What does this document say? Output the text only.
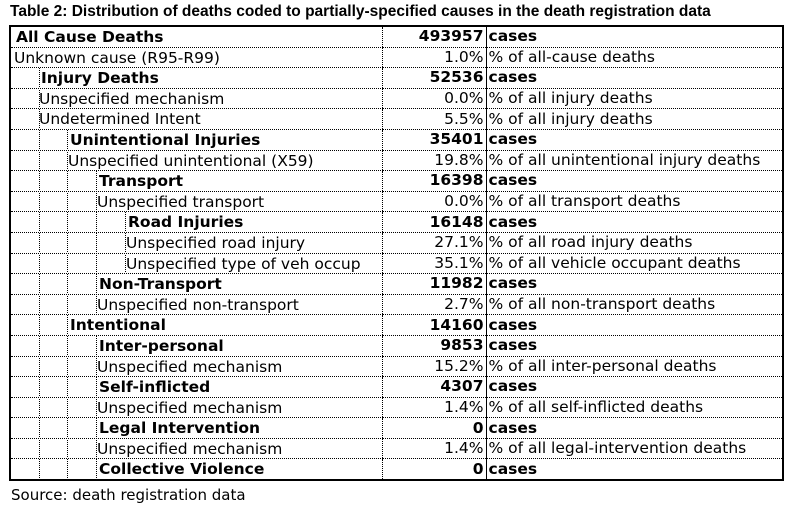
Table 2: Distribution of deaths coded to partially-specified causes in the death registration data
All Cause Deaths	493957	cases

Unknown cause (R95-R99)	1.0%	% of all-cause deaths

Injury Deaths	52536	cases

Unspecified mechanism	0.0%	% of all injury deaths

Undetermined Intent	5.5%	% of all injury deaths

Unintentional Injuries	35401	cases

Unspecified unintentional (X59)	19.8%	% of all unintentional injury deaths

Transport	16398	cases

Unspecified transport	0.0%	% of all transport deaths

Road Injuries	16148	cases

Unspecified road injury	27.1%	% of all road injury deaths

Unspecified type of veh occup	35.1%	% of all vehicle occupant deaths

Non-Transport	11982	cases

Unspecified non-transport	2.7%	% of all non-transport deaths

Intentional	14160	cases

Inter-personal	9853	cases

Unspecified mechanism	15.2%	% of all inter-personal deaths

Self-inflicted	4307	cases

Unspecified mechanism	1.4%	% of all self-inflicted deaths

Legal Intervention	0	cases

Unspecified mechanism	1.4%	% of all legal-intervention deaths

Collective Violence	0	cases
Source: death registration data
